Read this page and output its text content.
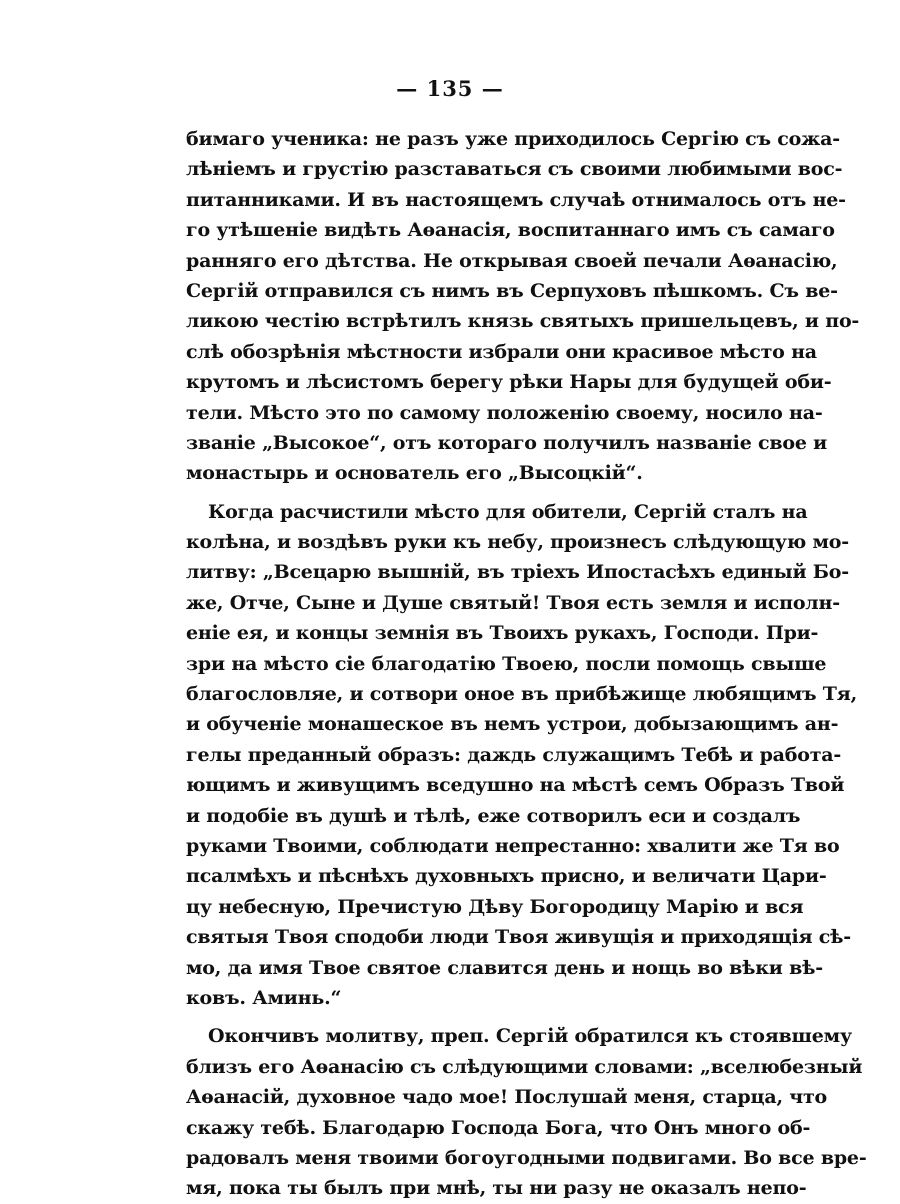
— 135 —
бимаго ученика: не разъ уже приходилось Сергію съ сожа-
лѣніемъ и грустію разставаться съ своими любимыми вос-
питанниками. И въ настоящемъ случаѣ отнималось отъ не-
го утѣшеніе видѣть Аѳанасія, воспитаннаго имъ съ самаго
ранняго его дѣтства. Не открывая своей печали Аѳанасію,
Сергій отправился съ нимъ въ Серпуховъ пѣшкомъ. Съ ве-
ликою честію встрѣтилъ князь святыхъ пришельцевъ, и по-
слѣ обозрѣнія мѣстности избрали они красивое мѣсто на
крутомъ и лѣсистомъ берегу рѣки Нары для будущей оби-
тели. Мѣсто это по самому положенію своему, носило на-
званіе „Высокое“, отъ котораго получилъ названіе свое и
монастырь и основатель его „Высоцкій“.
Когда расчистили мѣсто для обители, Сергій сталъ на
колѣна, и воздѣвъ руки къ небу, произнесъ слѣдующую мо-
литву: „Всецарю вышній, въ тріехъ Ипостасѣхъ единый Бо-
же, Отче, Сыне и Душе святый! Твоя есть земля и исполн-
еніе ея, и концы земнія въ Твоихъ рукахъ, Господи. При-
зри на мѣсто сіе благодатію Твоею, посли помощь свыше
благословляе, и сотвори оное въ прибѣжище любящимъ Тя,
и обученіе монашеское въ немъ устрои, добызающимъ ан-
гелы преданный образъ: даждь служащимъ Тебѣ и работа-
ющимъ и живущимъ вседушно на мѣстѣ семъ Образъ Твой
и подобіе въ душѣ и тѣлѣ, еже сотворилъ еси и создалъ
руками Твоими, соблюдати непрестанно: хвалити же Тя во
псалмѣхъ и пѣснѣхъ духовныхъ присно, и величати Цари-
цу небесную, Пречистую Дѣву Богородицу Марію и вся
святыя Твоя сподоби люди Твоя живущія и приходящія сѣ-
мо, да имя Твое святое славится день и нощь во вѣки вѣ-
ковъ. Аминь.“
Окончивъ молитву, преп. Сергій обратился къ стоявшему
близъ его Аѳанасію съ слѣдующими словами: „вселюбезный
Аѳанасій, духовное чадо мое! Послушай меня, старца, что
скажу тебѣ. Благодарю Господа Бога, что Онъ много об-
радовалъ меня твоими богоугодными подвигами. Во все вре-
мя, пока ты былъ при мнѣ, ты ни разу не оказалъ непо-
